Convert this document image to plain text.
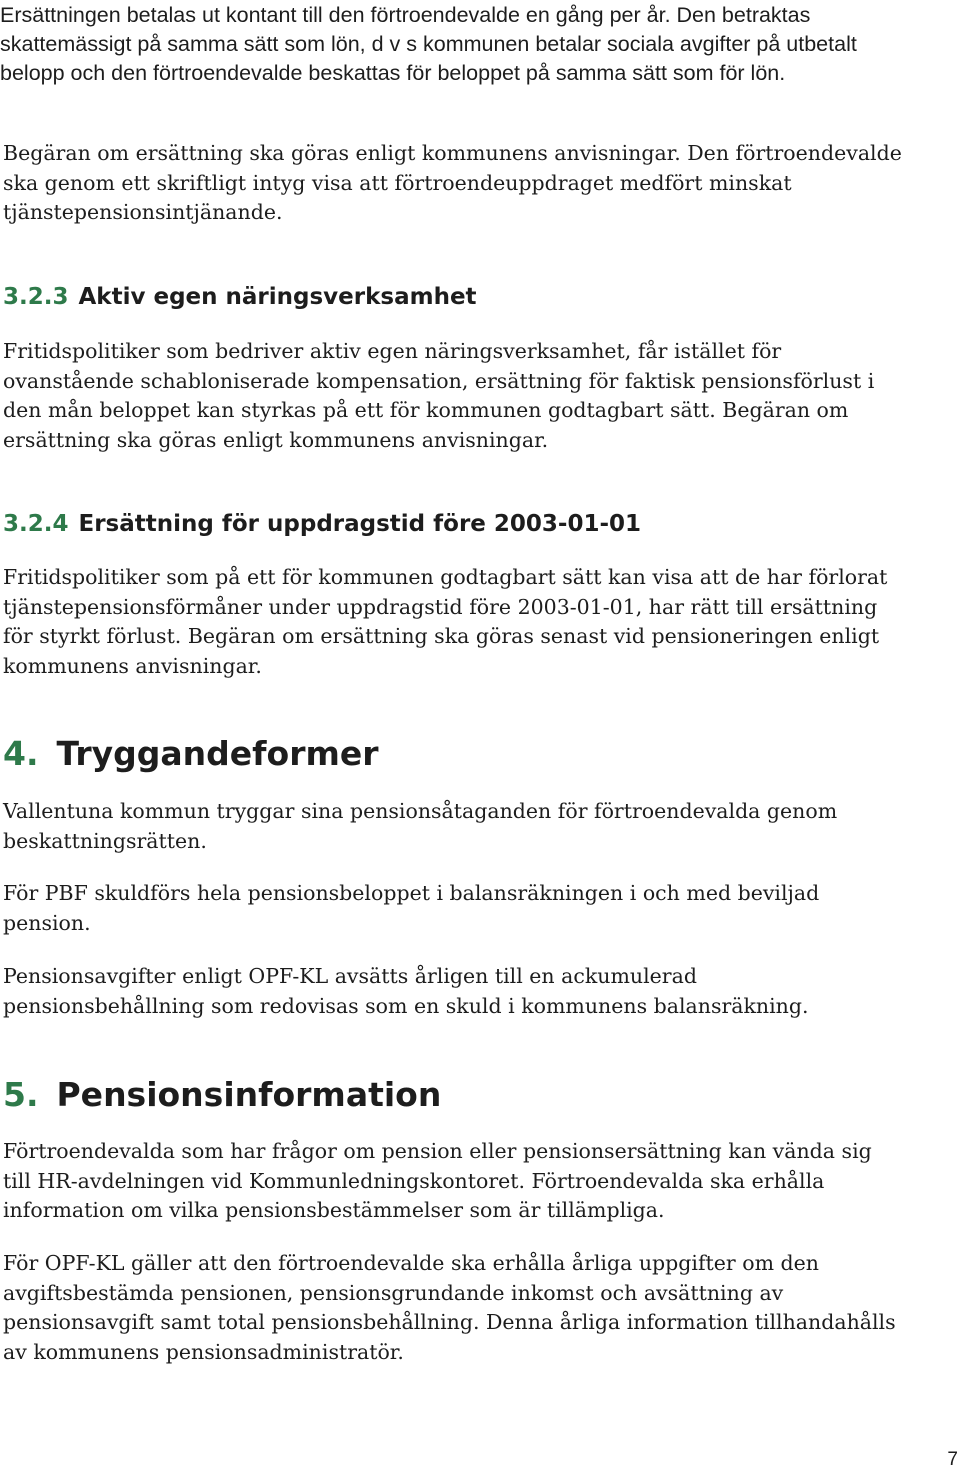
Ersättningen betalas ut kontant till den förtroendevalde en gång per år. Den betraktas skattemässigt på samma sätt som lön, d v s kommunen betalar sociala avgifter på utbetalt belopp och den förtroendevalde beskattas för beloppet på samma sätt som för lön.

Begäran om ersättning ska göras enligt kommunens anvisningar. Den förtroendevalde ska genom ett skriftligt intyg visa att förtroendeuppdraget medfört minskat tjänstepensionsintjänande.

3.2.3 Aktiv egen näringsverksamhet

Fritidspolitiker som bedriver aktiv egen näringsverksamhet, får istället för ovanstående schabloniserade kompensation, ersättning för faktisk pensionsförlust i den mån beloppet kan styrkas på ett för kommunen godtagbart sätt. Begäran om ersättning ska göras enligt kommunens anvisningar.

3.2.4 Ersättning för uppdragstid före 2003-01-01

Fritidspolitiker som på ett för kommunen godtagbart sätt kan visa att de har förlorat tjänstepensionsförmåner under uppdragstid före 2003-01-01, har rätt till ersättning för styrkt förlust. Begäran om ersättning ska göras senast vid pensioneringen enligt kommunens anvisningar.

4. Tryggandeformer

Vallentuna kommun tryggar sina pensionsåtaganden för förtroendevalda genom beskattningsrätten.

För PBF skuldförs hela pensionsbeloppet i balansräkningen i och med beviljad pension.

Pensionsavgifter enligt OPF-KL avsätts årligen till en ackumulerad pensionsbehållning som redovisas som en skuld i kommunens balansräkning.

5. Pensionsinformation

Förtroendevalda som har frågor om pension eller pensionsersättning kan vända sig till HR-avdelningen vid Kommunledningskontoret. Förtroendevalda ska erhålla information om vilka pensionsbestämmelser som är tillämpliga.

För OPF-KL gäller att den förtroendevalde ska erhålla årliga uppgifter om den avgiftsbestämda pensionen, pensionsgrundande inkomst och avsättning av pensionsavgift samt total pensionsbehållning. Denna årliga information tillhandahålls av kommunens pensionsadministratör.

7
